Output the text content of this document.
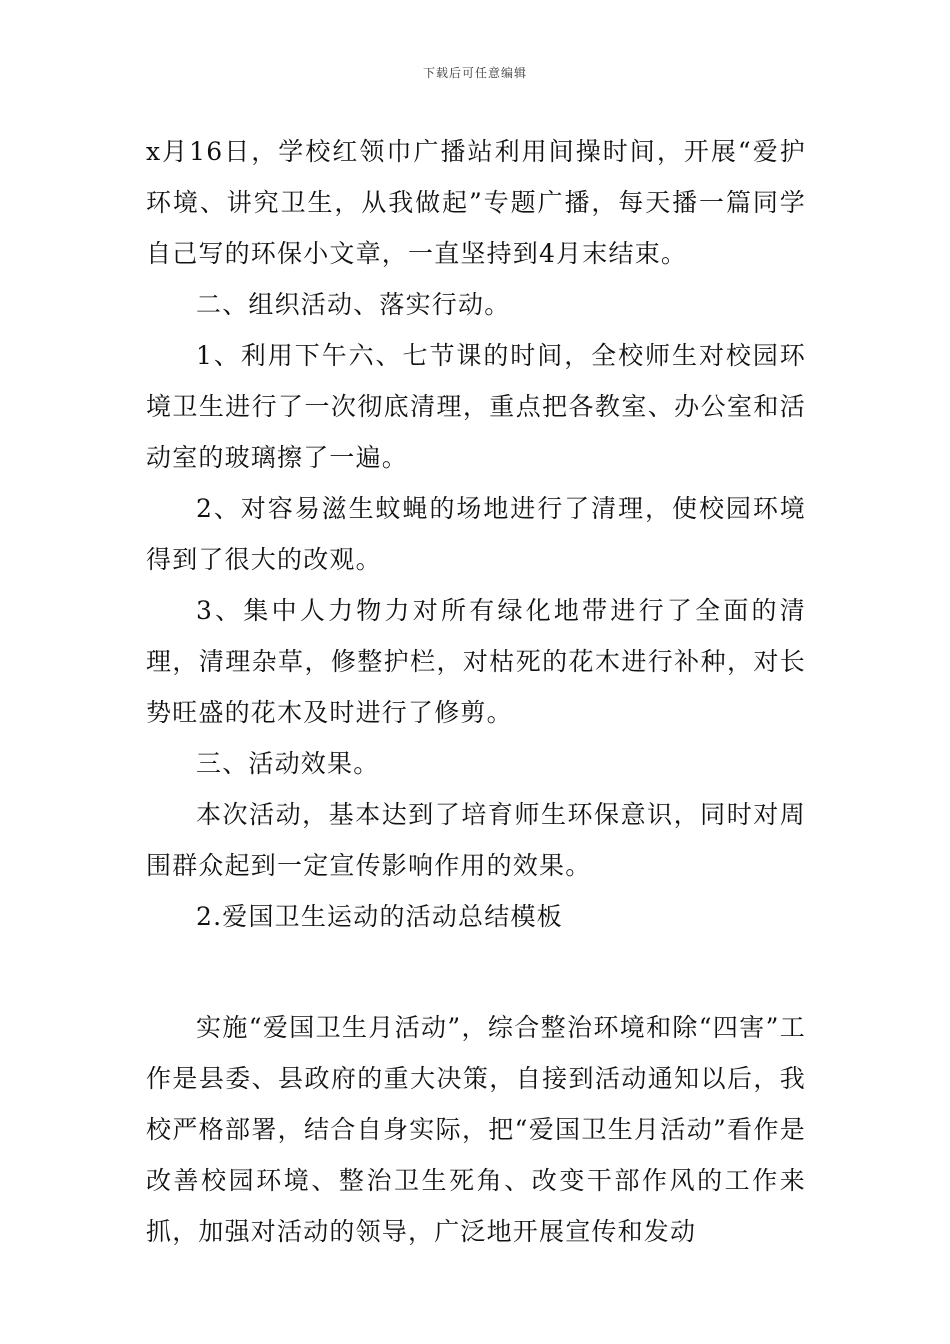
下载后可任意编辑

x月16日，学校红领巾广播站利用间操时间，开展“爱护环境、讲究卫生，从我做起”专题广播，每天播一篇同学自己写的环保小文章，一直坚持到4月末结束。

二、组织活动、落实行动。

1、利用下午六、七节课的时间，全校师生对校园环境卫生进行了一次彻底清理，重点把各教室、办公室和活动室的玻璃擦了一遍。

2、对容易滋生蚊蝇的场地进行了清理，使校园环境得到了很大的改观。

3、集中人力物力对所有绿化地带进行了全面的清理，清理杂草，修整护栏，对枯死的花木进行补种，对长势旺盛的花木及时进行了修剪。

三、活动效果。

本次活动，基本达到了培育师生环保意识，同时对周围群众起到一定宣传影响作用的效果。

2.爱国卫生运动的活动总结模板

实施“爱国卫生月活动”，综合整治环境和除“四害”工作是县委、县政府的重大决策，自接到活动通知以后，我校严格部署，结合自身实际，把“爱国卫生月活动”看作是改善校园环境、整治卫生死角、改变干部作风的工作来抓，加强对活动的领导，广泛地开展宣传和发动
